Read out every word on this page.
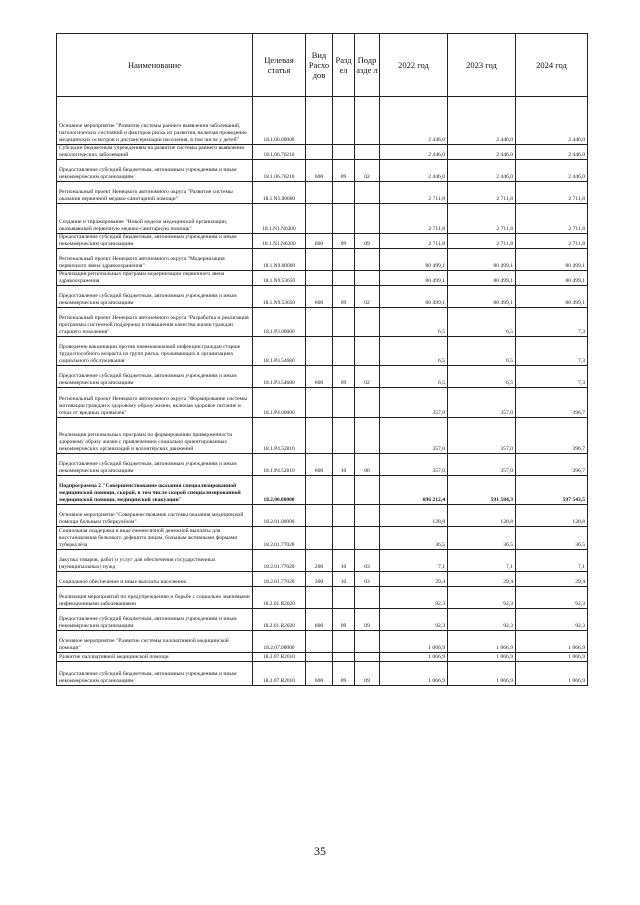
Наименование	Целевая статья	Вид Расхо дов	Разд ел	Подр азде л	2022 год	2023 год	2024 год
Основное мероприятие "Развитие системы раннего выявления заболеваний, патологических состояний и факторов риска их развития, включая проведение медицинских осмотров и диспансеризации населения, в том числе у детей"	18.1.06.00000				2 446,0	2 446,0	2 446,0
Субсидии бюджетным учреждениям на развитие системы раннего выявления онкологических заболеваний	18.1.06.76210				2 446,0	2 446,0	2 446,0
Предоставление субсидий бюджетным, автономным учреждениям и иным некоммерческим организациям	18.1.06.76210	600	09	02	2 446,0	2 446,0	2 446,0
Региональный проект Ненецкого автономного округа "Развитие системы оказания первичной медико-санитарной помощи"	18.1.N1.00000				2 711,8	2 711,8	2 711,8
Создание и тиражирование "Новой модели медицинской организации, оказывающей первичную медико-санитарную помощь"	18.1.N1.N0200				2 711,8	2 711,8	2 711,8
Предоставление субсидий бюджетным, автономным учреждениям и иным некоммерческим организациям	18.1.N1.N0200	600	09	09	2 711,8	2 711,8	2 711,8
Региональный проект Ненецкого автономного округа "Модернизация первичного звена здравоохранения"	18.1.N9.00000				80 499,1	80 499,1	80 499,1
Реализация региональных программ модернизации первичного звена здравоохранения	18.1.N9.53650				80 499,1	80 499,1	80 499,1
Предоставление субсидий бюджетным, автономным учреждениям и иным некоммерческим организациям	18.1.N9.53650	600	09	02	80 499,1	80 499,1	80 499,1
Региональный проект Ненецкого автономного округа "Разработка и реализация программы системной поддержки и повышения качества жизни граждан старшего поколения"	18.1.P3.00000				6,5	6,5	7,3
Проведение вакцинации против пневмококковой инфекции граждан старше трудоспособного возраста из групп риска, проживающих в организациях социального обслуживания	18.1.P3.54680				6,5	6,5	7,3
Предоставление субсидий бюджетным, автономным учреждениям и иным некоммерческим организациям	18.1.P3.54680	600	09	02	6,5	6,5	7,3
Региональный проект Ненецкого автономного округа "Формирование системы мотивации граждан к здоровому образу жизни, включая здоровое питание и отказ от вредных привычек"	18.1.P4.00000				357,0	357,0	396,7
Реализация региональных программ по формированию приверженности здоровому образу жизни с привлечением социально ориентированных некоммерческих организаций и волонтёрских движений	18.1.P4.52810				357,0	357,0	396,7
Предоставление субсидий бюджетным, автономным учреждениям и иным некоммерческим организациям	18.1.P4.52810	600	10	06	357,0	357,0	396,7
Подпрограмма 2 "Совершенствование оказания специализированной медицинской помощи, скорой, в том числе скорой специализированной медицинской помощи, медицинской эвакуации"	18.2.00.00000				696 212,4	591 584,3	597 543,5
Основное мероприятие "Совершенствование системы оказания медицинской помощи больным туберкулёзом"	18.2.01.00000				128,8	128,8	128,8
Социальная поддержка в виде ежемесячной денежной выплаты для восстановления белкового дефицита лицам, больным активными формами туберкулёза	18.2.01.77020				36,5	36,5	36,5
Закупка товаров, работ и услуг для обеспечения государственных (муниципальных) нужд	18.2.01.77020	200	10	03	7,1	7,1	7,1
Социальное обеспечение и иные выплаты населению	18.2.01.77020	300	10	03	29,4	29,4	29,4
Реализация мероприятий по предупреждению и борьбе с социально значимыми инфекционными заболеваниями	18.2.01.R2020				92,3	92,3	92,3
Предоставление субсидий бюджетным, автономным учреждениям и иным некоммерческим организациям	18.2.01.R2020	600	09	09	92,3	92,3	92,3
Основное мероприятие "Развитие системы паллиативной медицинской помощи"	18.2.07.00000				1 066,9	1 066,9	1 066,9
Развитие паллиативной медицинской помощи	18.2.07.R2010				1 066,9	1 066,9	1 066,9
Предоставление субсидий бюджетным, автономным учреждениям и иным некоммерческим организациям	18.2.07.R2010	600	09	09	1 066,9	1 066,9	1 066,9
35
